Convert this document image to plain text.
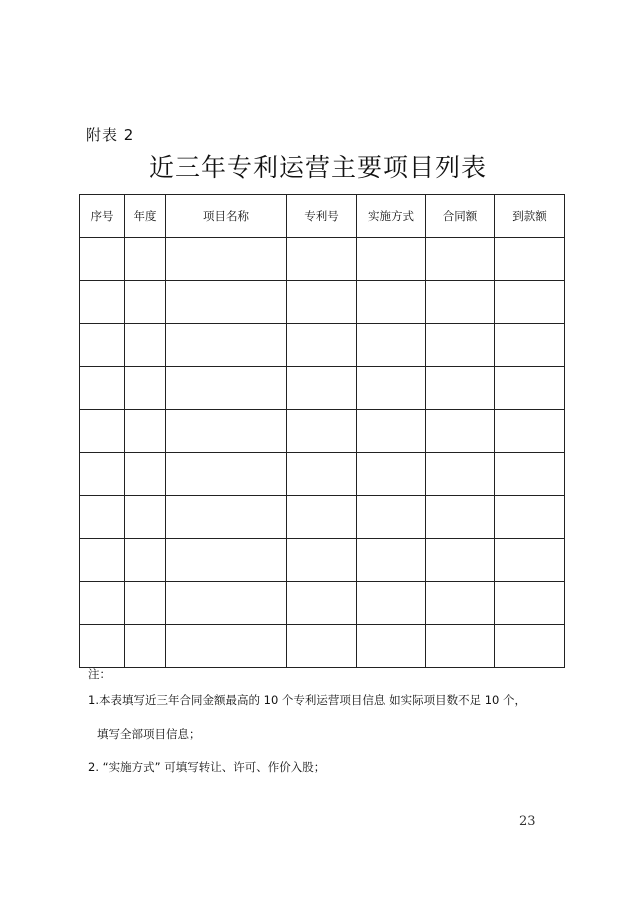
附表 2
近三年专利运营主要项目列表
序号	年度	项目名称	专利号	实施方式	合同额	到款额

注：
1.本表填写近三年合同金额最高的 10 个专利运营项目信息 如实际项目数不足 10 个，
填写全部项目信息；
2. “实施方式” 可填写转让、许可、作价入股；
23
